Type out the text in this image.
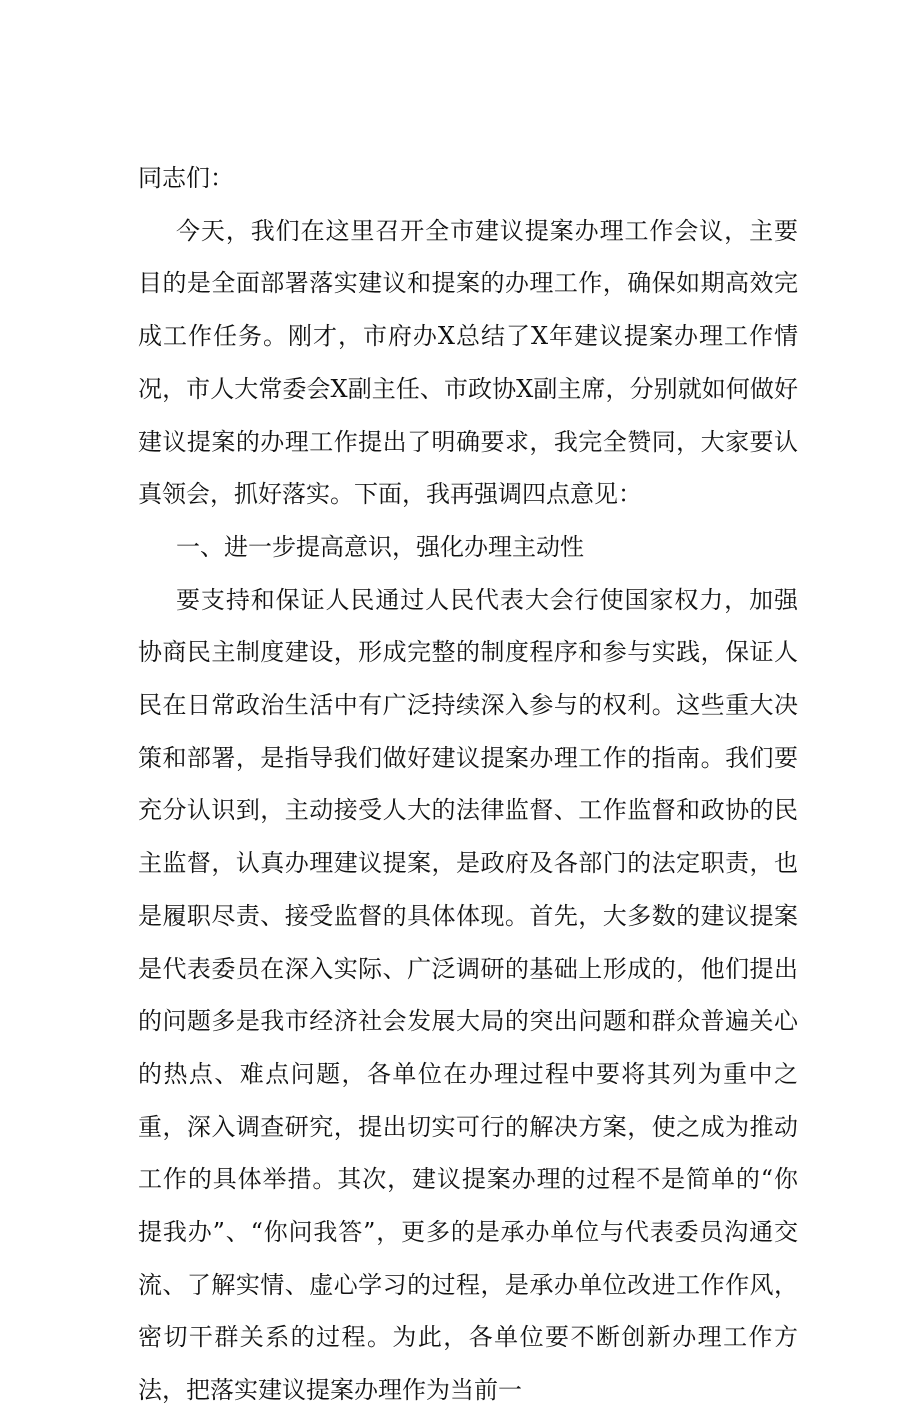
同志们：

今天，我们在这里召开全市建议提案办理工作会议，主要目的是全面部署落实建议和提案的办理工作，确保如期高效完成工作任务。刚才，市府办X总结了X年建议提案办理工作情况，市人大常委会X副主任、市政协X副主席，分别就如何做好建议提案的办理工作提出了明确要求，我完全赞同，大家要认真领会，抓好落实。下面，我再强调四点意见：

一、进一步提高意识，强化办理主动性

要支持和保证人民通过人民代表大会行使国家权力，加强协商民主制度建设，形成完整的制度程序和参与实践，保证人民在日常政治生活中有广泛持续深入参与的权利。这些重大决策和部署，是指导我们做好建议提案办理工作的指南。我们要充分认识到，主动接受人大的法律监督、工作监督和政协的民主监督，认真办理建议提案，是政府及各部门的法定职责，也是履职尽责、接受监督的具体体现。首先，大多数的建议提案是代表委员在深入实际、广泛调研的基础上形成的，他们提出的问题多是我市经济社会发展大局的突出问题和群众普遍关心的热点、难点问题，各单位在办理过程中要将其列为重中之重，深入调查研究，提出切实可行的解决方案，使之成为推动工作的具体举措。其次，建议提案办理的过程不是简单的“你提我办”、“你问我答”，更多的是承办单位与代表委员沟通交流、了解实情、虚心学习的过程，是承办单位改进工作作风，密切干群关系的过程。为此，各单位要不断创新办理工作方法，把落实建议提案办理作为当前一
